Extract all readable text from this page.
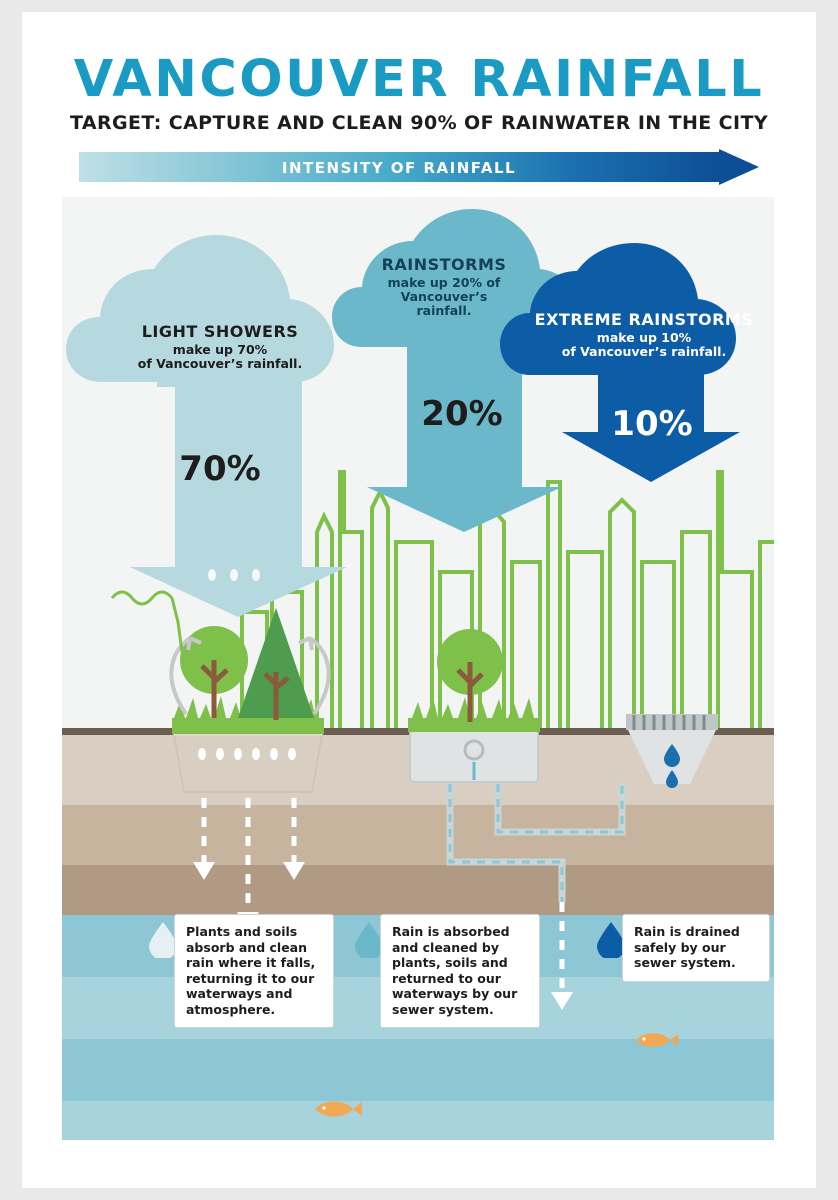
VANCOUVER RAINFALL
TARGET: CAPTURE AND CLEAN 90% OF RAINWATER IN THE CITY
INTENSITY OF RAINFALL
LIGHT SHOWERS
make up 70%
of Vancouver’s rainfall.
RAINSTORMS
make up 20% of
Vancouver’s
rainfall.	EXTREME RAINSTORMS
make up 10%
of Vancouver’s rainfall.
70%
20%	10%
Plants and soils absorb and clean rain where it falls, returning it to our waterways and atmosphere.
Rain is absorbed and cleaned by plants, soils and returned to our waterways by our sewer system.
Rain is drained safely by our sewer system.
